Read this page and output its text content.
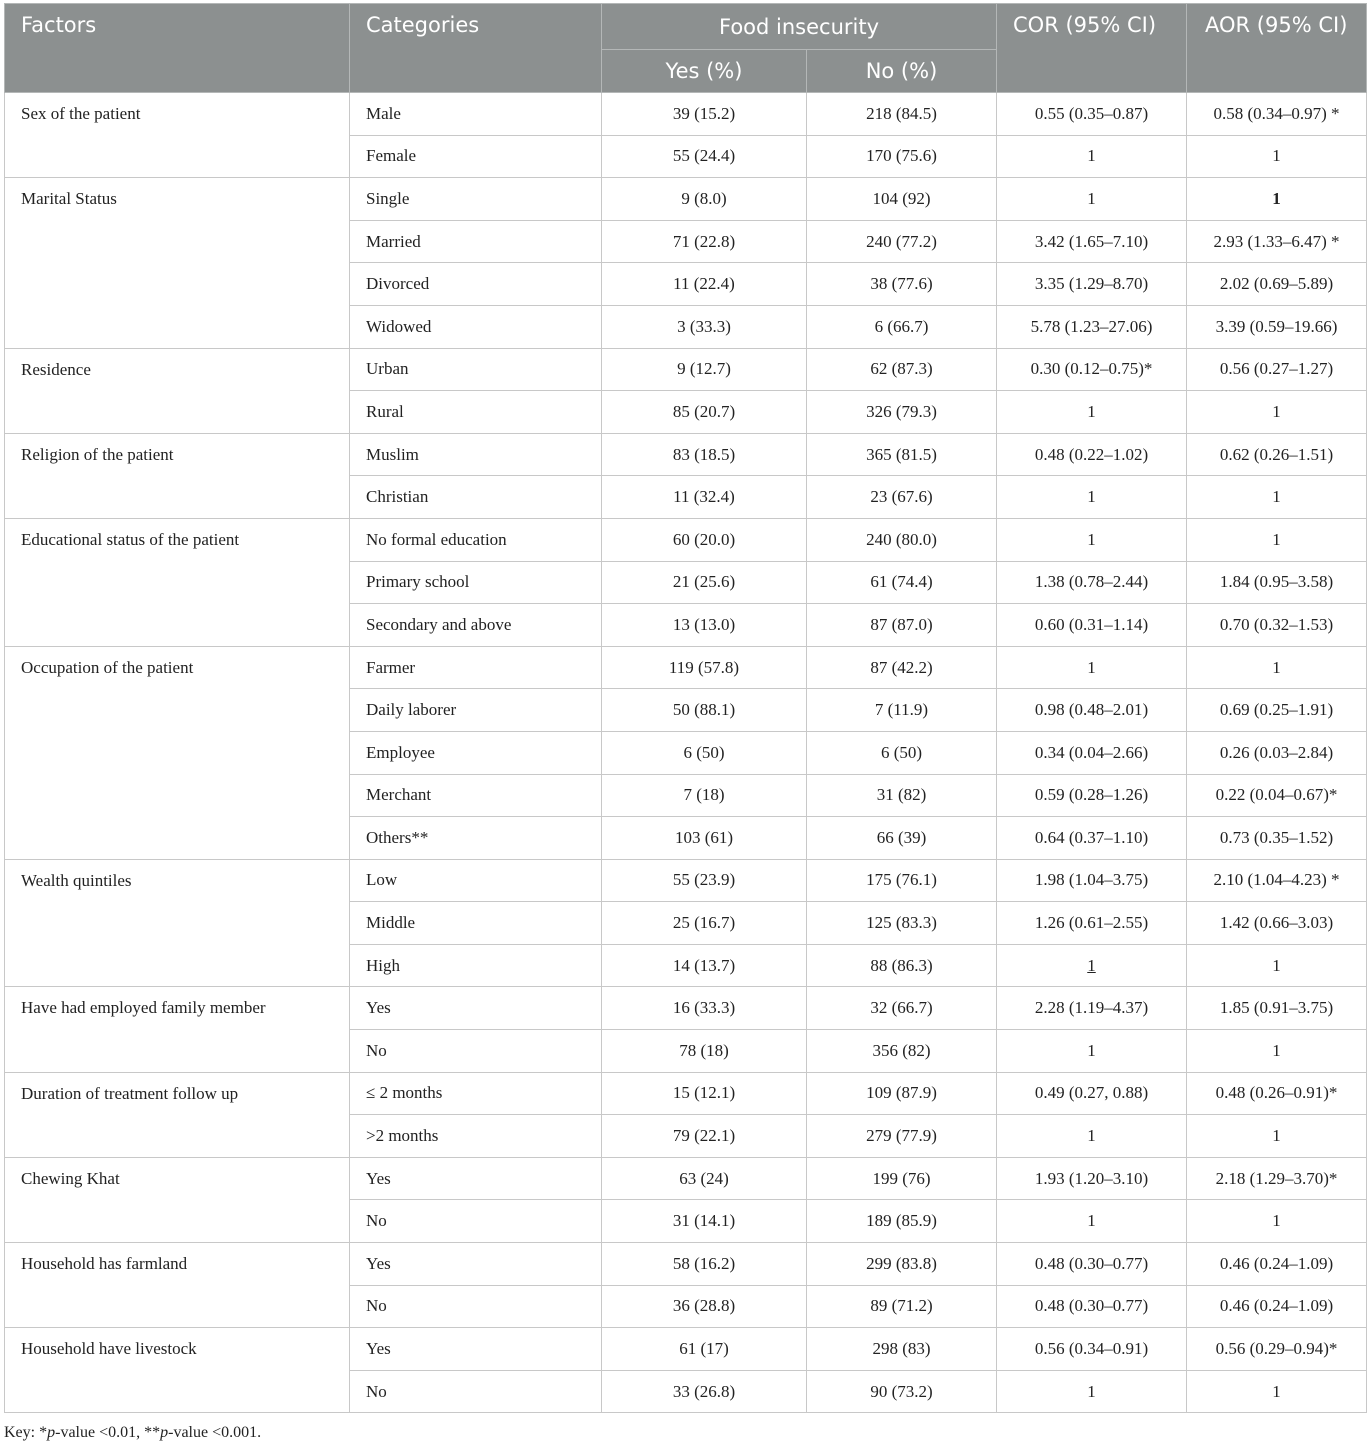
Factors	Categories	Food insecurity		COR (95% CI)	AOR (95% CI)
		Yes (%)	No (%)		
Sex of the patient	Male	39 (15.2)	218 (84.5)	0.55 (0.35–0.87)	0.58 (0.34–0.97) *
	Female	55 (24.4)	170 (75.6)	1	1
Marital Status	Single	9 (8.0)	104 (92)	1	1
	Married	71 (22.8)	240 (77.2)	3.42 (1.65–7.10)	2.93 (1.33–6.47) *
	Divorced	11 (22.4)	38 (77.6)	3.35 (1.29–8.70)	2.02 (0.69–5.89)
	Widowed	3 (33.3)	6 (66.7)	5.78 (1.23–27.06)	3.39 (0.59–19.66)
Residence	Urban	9 (12.7)	62 (87.3)	0.30 (0.12–0.75)*	0.56 (0.27–1.27)
	Rural	85 (20.7)	326 (79.3)	1	1
Religion of the patient	Muslim	83 (18.5)	365 (81.5)	0.48 (0.22–1.02)	0.62 (0.26–1.51)
	Christian	11 (32.4)	23 (67.6)	1	1
Educational status of the patient	No formal education	60 (20.0)	240 (80.0)	1	1
	Primary school	21 (25.6)	61 (74.4)	1.38 (0.78–2.44)	1.84 (0.95–3.58)
	Secondary and above	13 (13.0)	87 (87.0)	0.60 (0.31–1.14)	0.70 (0.32–1.53)
Occupation of the patient	Farmer	119 (57.8)	87 (42.2)	1	1
	Daily laborer	50 (88.1)	7 (11.9)	0.98 (0.48–2.01)	0.69 (0.25–1.91)
	Employee	6 (50)	6 (50)	0.34 (0.04–2.66)	0.26 (0.03–2.84)
	Merchant	7 (18)	31 (82)	0.59 (0.28–1.26)	0.22 (0.04–0.67)*
	Others**	103 (61)	66 (39)	0.64 (0.37–1.10)	0.73 (0.35–1.52)
Wealth quintiles	Low	55 (23.9)	175 (76.1)	1.98 (1.04–3.75)	2.10 (1.04–4.23) *
	Middle	25 (16.7)	125 (83.3)	1.26 (0.61–2.55)	1.42 (0.66–3.03)
	High	14 (13.7)	88 (86.3)	1	1
Have had employed family member	Yes	16 (33.3)	32 (66.7)	2.28 (1.19–4.37)	1.85 (0.91–3.75)
	No	78 (18)	356 (82)	1	1
Duration of treatment follow up	≤ 2 months	15 (12.1)	109 (87.9)	0.49 (0.27, 0.88)	0.48 (0.26–0.91)*
	>2 months	79 (22.1)	279 (77.9)	1	1
Chewing Khat	Yes	63 (24)	199 (76)	1.93 (1.20–3.10)	2.18 (1.29–3.70)*
	No	31 (14.1)	189 (85.9)	1	1
Household has farmland	Yes	58 (16.2)	299 (83.8)	0.48 (0.30–0.77)	0.46 (0.24–1.09)
	No	36 (28.8)	89 (71.2)	0.48 (0.30–0.77)	0.46 (0.24–1.09)
Household have livestock	Yes	61 (17)	298 (83)	0.56 (0.34–0.91)	0.56 (0.29–0.94)*
	No	33 (26.8)	90 (73.2)	1	1
Key: *p-value <0.01, **p-value <0.001.
